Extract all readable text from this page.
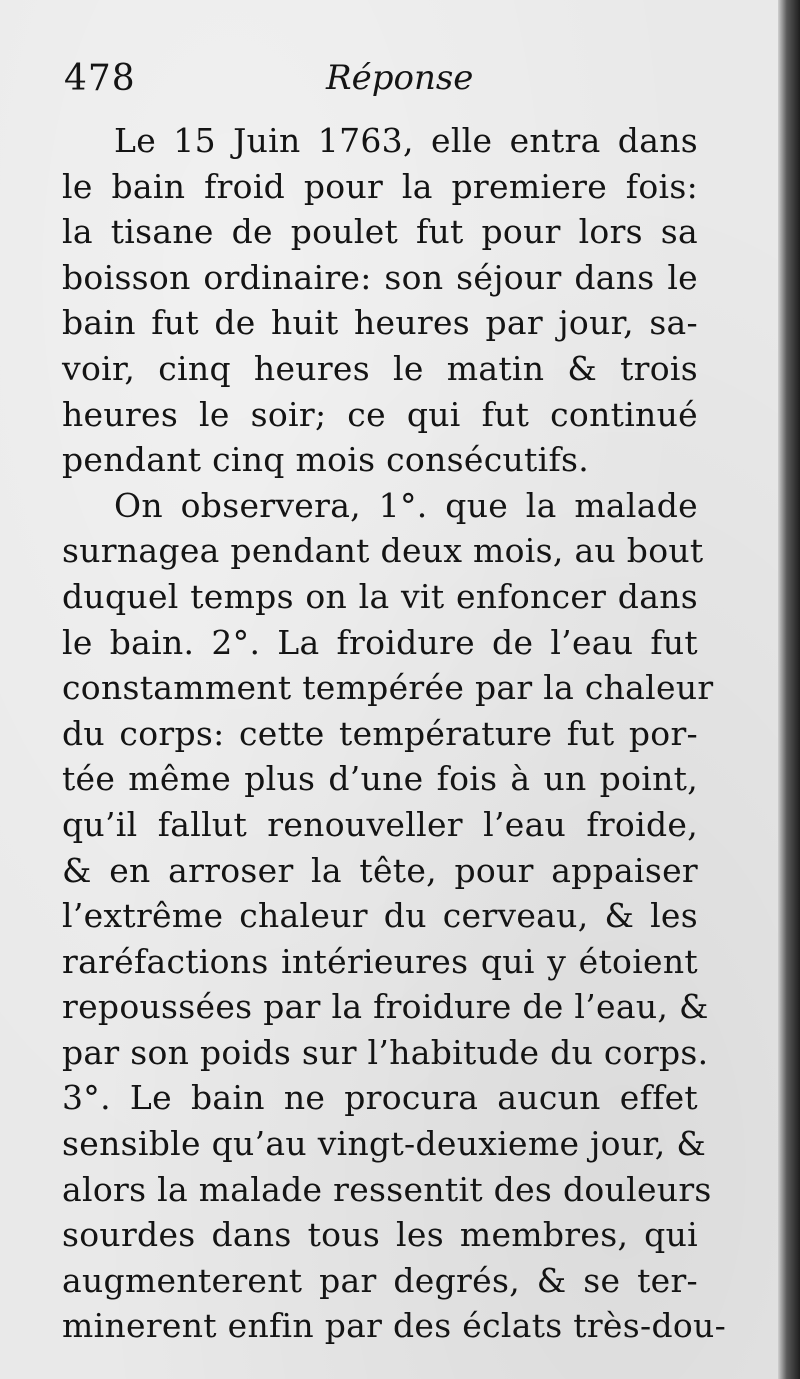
478	Réponse
Le 15 Juin 1763, elle entra dans
le bain froid pour la premiere fois:
la tisane de poulet fut pour lors sa
boisson ordinaire: son séjour dans le
bain fut de huit heures par jour, sa-
voir, cinq heures le matin & trois
heures le soir; ce qui fut continué
pendant cinq mois consécutifs.
On observera, 1°. que la malade
surnagea pendant deux mois, au bout
duquel temps on la vit enfoncer dans
le bain. 2°. La froidure de l’eau fut
constamment tempérée par la chaleur
du corps: cette température fut por-
tée même plus d’une fois à un point,
qu’il fallut renouveller l’eau froide,
& en arroser la tête, pour appaiser
l’extrême chaleur du cerveau, & les
raréfactions intérieures qui y étoient
repoussées par la froidure de l’eau, &
par son poids sur l’habitude du corps.
3°. Le bain ne procura aucun effet
sensible qu’au vingt-deuxieme jour, &
alors la malade ressentit des douleurs
sourdes dans tous les membres, qui
augmenterent par degrés, & se ter-
minerent enfin par des éclats très-dou-
